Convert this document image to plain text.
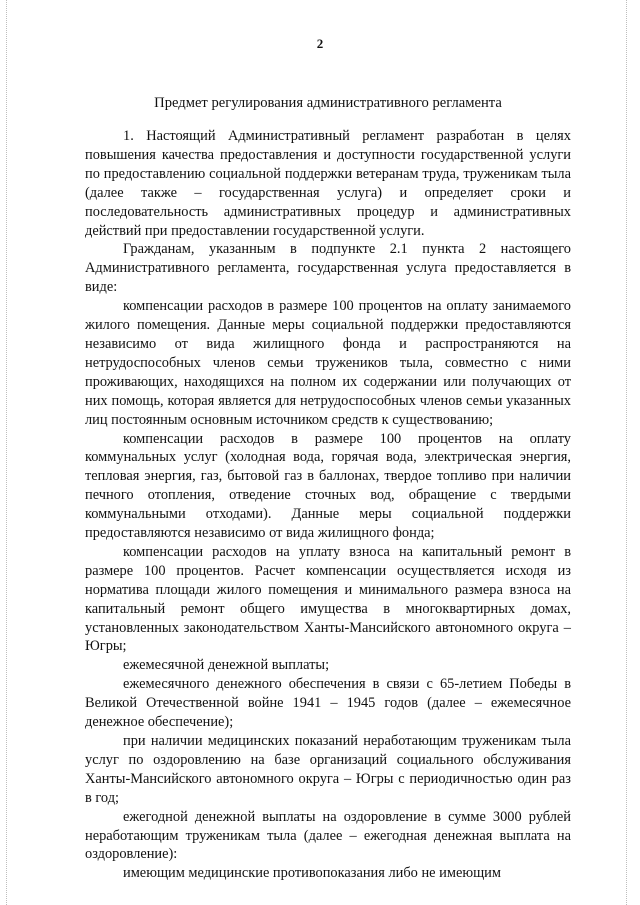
2
Предмет регулирования административного регламента

1. Настоящий Административный регламент разработан в целях повышения качества предоставления и доступности государственной услуги по предоставлению социальной поддержки ветеранам труда, труженикам тыла (далее также – государственная услуга) и определяет сроки и последовательность административных процедур и административных действий при предоставлении государственной услуги.

Гражданам, указанным в подпункте 2.1 пункта 2 настоящего Административного регламента, государственная услуга предоставляется в виде:

компенсации расходов в размере 100 процентов на оплату занимаемого жилого помещения. Данные меры социальной поддержки предоставляются независимо от вида жилищного фонда и распространяются на нетрудоспособных членов семьи тружеников тыла, совместно с ними проживающих, находящихся на полном их содержании или получающих от них помощь, которая является для нетрудоспособных членов семьи указанных лиц постоянным основным источником средств к существованию;

компенсации расходов в размере 100 процентов на оплату коммунальных услуг (холодная вода, горячая вода, электрическая энергия, тепловая энергия, газ, бытовой газ в баллонах, твердое топливо при наличии печного отопления, отведение сточных вод, обращение с твердыми коммунальными отходами). Данные меры социальной поддержки предоставляются независимо от вида жилищного фонда;

компенсации расходов на уплату взноса на капитальный ремонт в размере 100 процентов. Расчет компенсации осуществляется исходя из норматива площади жилого помещения и минимального размера взноса на капитальный ремонт общего имущества в многоквартирных домах, установленных законодательством Ханты-Мансийского автономного округа – Югры;

ежемесячной денежной выплаты;

ежемесячного денежного обеспечения в связи с 65-летием Победы в Великой Отечественной войне 1941 – 1945 годов (далее – ежемесячное денежное обеспечение);

при наличии медицинских показаний неработающим труженикам тыла услуг по оздоровлению на базе организаций социального обслуживания Ханты-Мансийского автономного округа – Югры с периодичностью один раз в год;

ежегодной денежной выплаты на оздоровление в сумме 3000 рублей неработающим труженикам тыла (далее – ежегодная денежная выплата на оздоровление):

имеющим медицинские противопоказания либо не имеющим
